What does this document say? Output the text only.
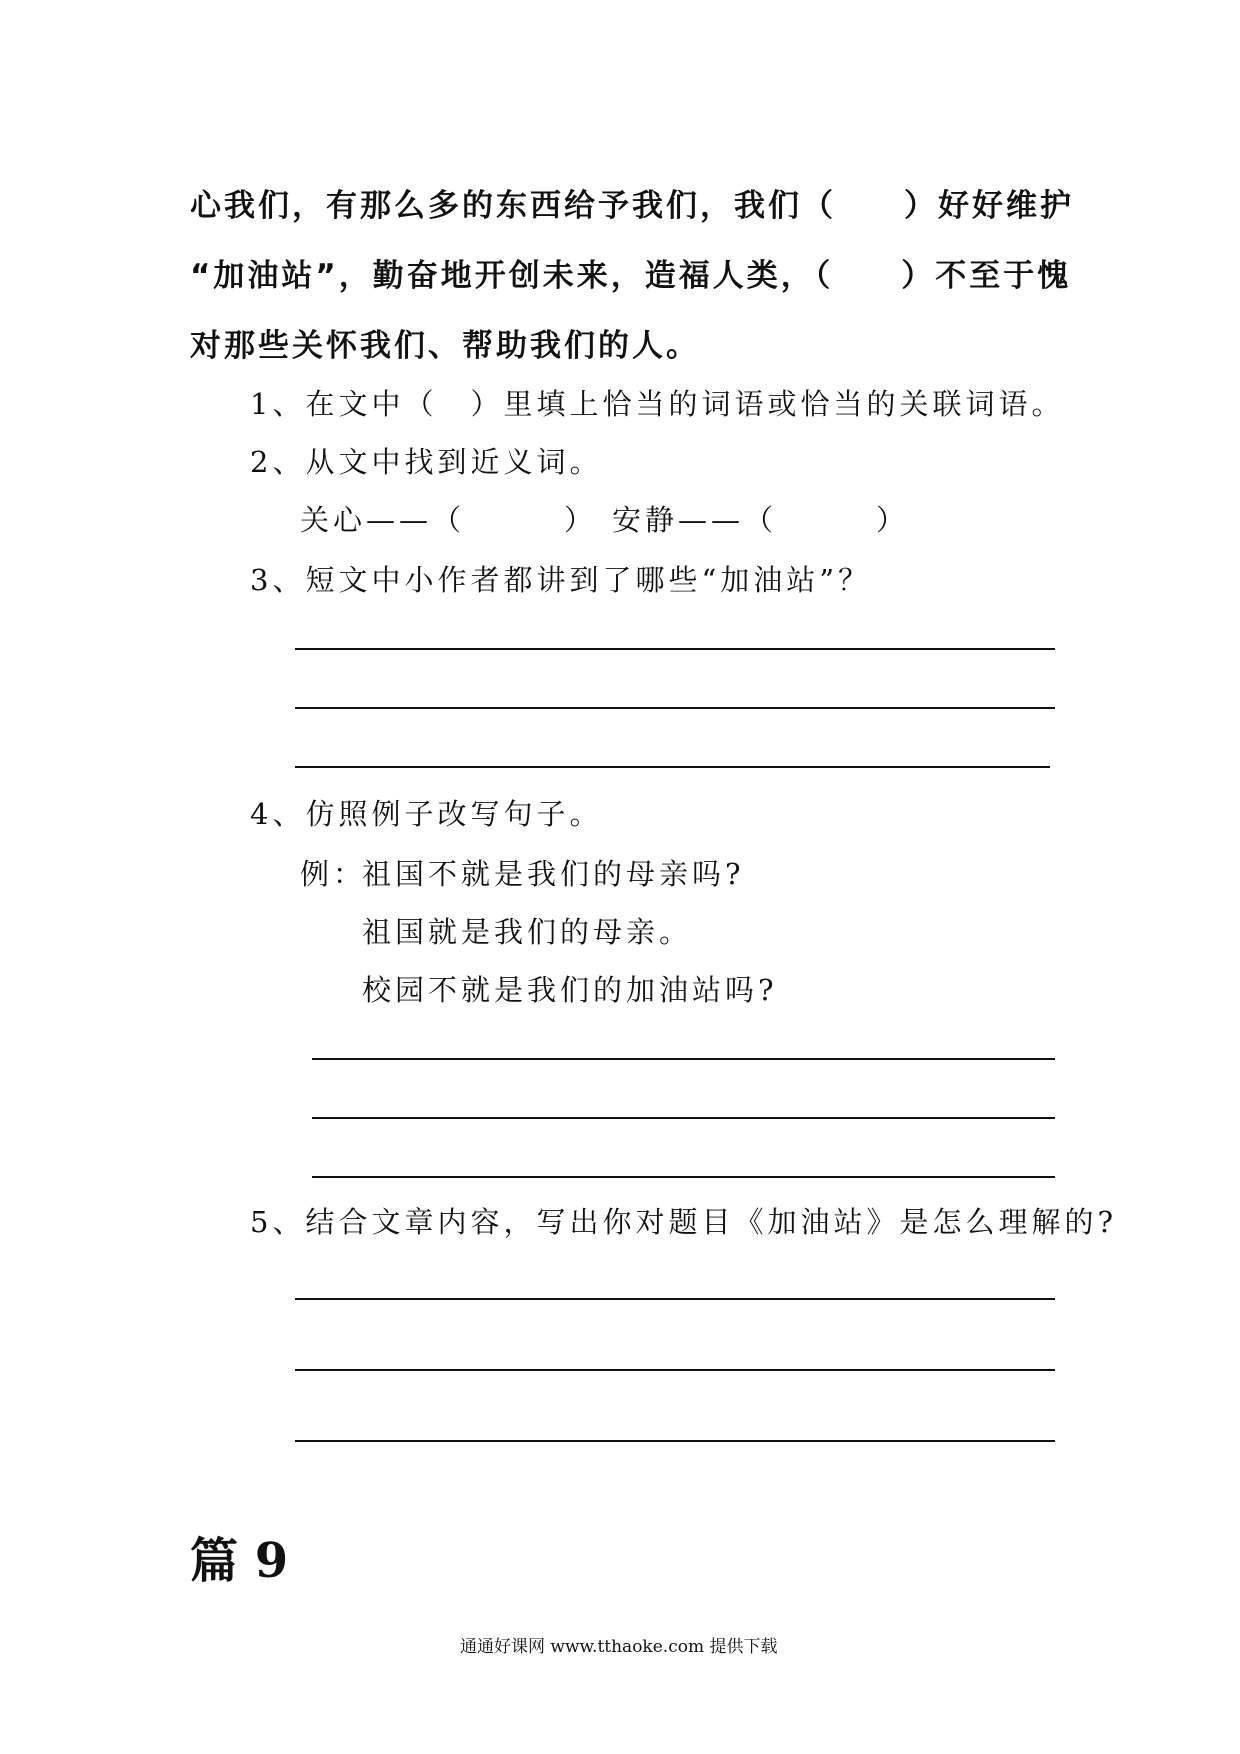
心我们，有那么多的东西给予我们，我们（　　）好好维护
“加油站”，勤奋地开创未来，造福人类，（　　）不至于愧
对那些关怀我们、帮助我们的人。
1、在文中（　）里填上恰当的词语或恰当的关联词语。
2、从文中找到近义词。
关心——（　　　） 安静——（　　　）
3、短文中小作者都讲到了哪些“加油站”？
4、仿照例子改写句子。
例：
祖国不就是我们的母亲吗?
祖国就是我们的母亲。
校园不就是我们的加油站吗?
5、结合文章内容，写出你对题目《加油站》是怎么理解的?
篇 9
通通好课网 www.tthaoke.com 提供下载
